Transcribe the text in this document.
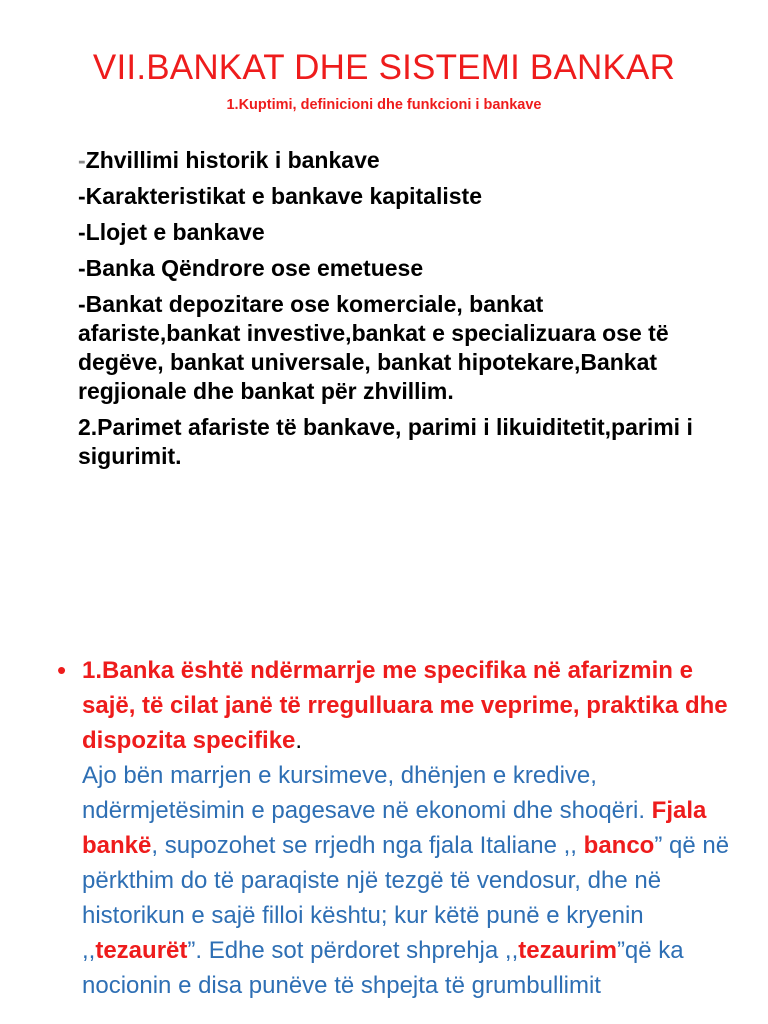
VII.BANKAT DHE SISTEMI BANKAR
1.Kuptimi, definicioni dhe funkcioni i bankave
-Zhvillimi historik i bankave
-Karakteristikat e bankave kapitaliste
-Llojet e bankave
-Banka Qëndrore ose emetuese
-Bankat depozitare ose komerciale, bankat afariste,bankat investive,bankat e specializuara ose të degëve, bankat universale, bankat hipotekare,Bankat regjionale dhe bankat për zhvillim.
2.Parimet afariste të bankave, parimi i likuiditetit,parimi i sigurimit.
• 1.Banka është ndërmarrje me specifika në afarizmin e sajë, të cilat janë të rregulluara me veprime, praktika dhe dispozita specifike.
Ajo bën marrjen e kursimeve, dhënjen e kredive, ndërmjetësimin e pagesave në ekonomi dhe shoqëri. Fjala bankë, supozohet se rrjedh nga fjala Italiane ,, banco” që në përkthim do të paraqiste një tezgë të vendosur, dhe në historikun e sajë filloi kështu; kur këtë punë e kryenin ,,tezaurët”. Edhe sot përdoret shprehja ,,tezaurim”që ka nocionin e disa punëve të shpejta të grumbullimit
